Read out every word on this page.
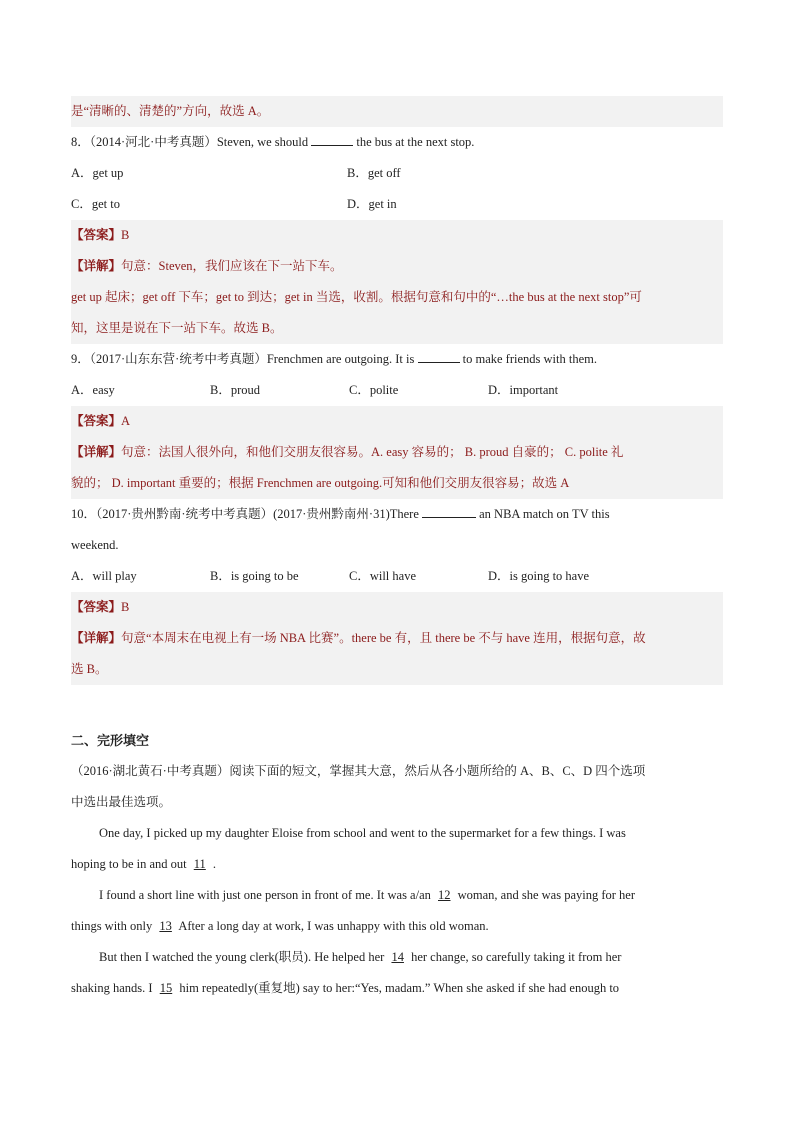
是“清晰的、清楚的”方向，故选 A。
8．（2014·河北·中考真题）Steven, we should	the bus at the next stop.
A．get up	B．get off
C．get to	D．get in
【答案】B
【详解】句意：Steven，我们应该在下一站下车。
get up 起床；get off 下车；get to 到达；get in 当选，收割。根据句意和句中的“…the bus at the next stop”可
知，这里是说在下一站下车。故选 B。
9．（2017·山东东营·统考中考真题）Frenchmen are outgoing. It is	to make friends with them.
A．easy	B．proud	C．polite	D．important
【答案】A
【详解】句意：法国人很外向，和他们交朋友很容易。A. easy 容易的； B. proud 自豪的； C. polite 礼
貌的； D. important 重要的；根据 Frenchmen are outgoing.可知和他们交朋友很容易；故选 A
10．（2017·贵州黔南·统考中考真题）(2017·贵州黔南州·31)There	an NBA match on TV this
weekend.
A．will play	B．is going to be	C．will have	D．is going to have
【答案】B
【详解】句意“本周末在电视上有一场 NBA 比赛”。there be 有，且 there be 不与 have 连用，根据句意，故
选 B。
二、完形填空
（2016·湖北黄石·中考真题）阅读下面的短文，掌握其大意，然后从各小题所给的 A、B、C、D 四个选项
中选出最佳选项。
One day, I picked up my daughter Eloise from school and went to the supermarket for a few things. I was
hoping to be in and out 11 .
I found a short line with just one person in front of me. It was a/an 12 woman, and she was paying for her
things with only 13 After a long day at work, I was unhappy with this old woman.
But then I watched the young clerk(职员). He helped her 14 her change, so carefully taking it from her
shaking hands. I 15 him repeatedly(重复地) say to her:“Yes, madam.” When she asked if she had enough to
